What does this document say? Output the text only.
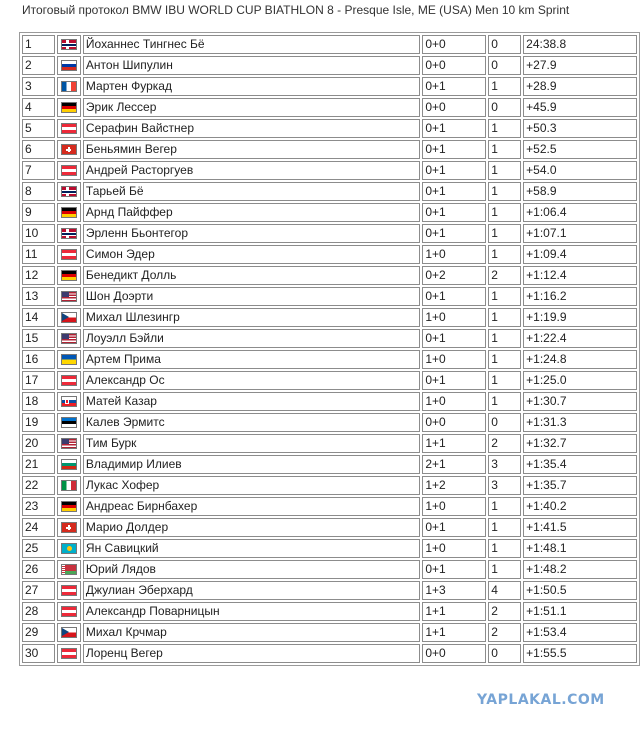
Итоговый протокол BMW IBU WORLD CUP BIATHLON 8 - Presque Isle, ME (USA) Men 10 km Sprint
1		Йоханнес Тингнес Бё	0+0	0	24:38.8
2		Антон Шипулин	0+0	0	+27.9
3		Мартен Фуркад	0+1	1	+28.9
4		Эрик Лессер	0+0	0	+45.9
5		Серафин Вайстнер	0+1	1	+50.3
6		Беньямин Вегер	0+1	1	+52.5
7		Андрей Расторгуев	0+1	1	+54.0
8		Тарьей Бё	0+1	1	+58.9
9		Арнд Пайффер	0+1	1	+1:06.4
10		Эрленн Бьонтегор	0+1	1	+1:07.1
11		Симон Эдер	1+0	1	+1:09.4
12		Бенедикт Долль	0+2	2	+1:12.4
13		Шон Доэрти	0+1	1	+1:16.2
14		Михал Шлезингр	1+0	1	+1:19.9
15		Лоуэлл Бэйли	0+1	1	+1:22.4
16		Артем Прима	1+0	1	+1:24.8
17		Александр Ос	0+1	1	+1:25.0
18		Матей Казар	1+0	1	+1:30.7
19		Калев Эрмитс	0+0	0	+1:31.3
20		Тим Бурк	1+1	2	+1:32.7
21		Владимир Илиев	2+1	3	+1:35.4
22		Лукас Хофер	1+2	3	+1:35.7
23		Андреас Бирнбахер	1+0	1	+1:40.2
24		Марио Долдер	0+1	1	+1:41.5
25		Ян Савицкий	1+0	1	+1:48.1
26		Юрий Лядов	0+1	1	+1:48.2
27		Джулиан Эберхард	1+3	4	+1:50.5
28		Александр Поварницын	1+1	2	+1:51.1
29		Михал Крчмар	1+1	2	+1:53.4
30		Лоренц Вегер	0+0	0	+1:55.5
YAPLAKAL.COM
